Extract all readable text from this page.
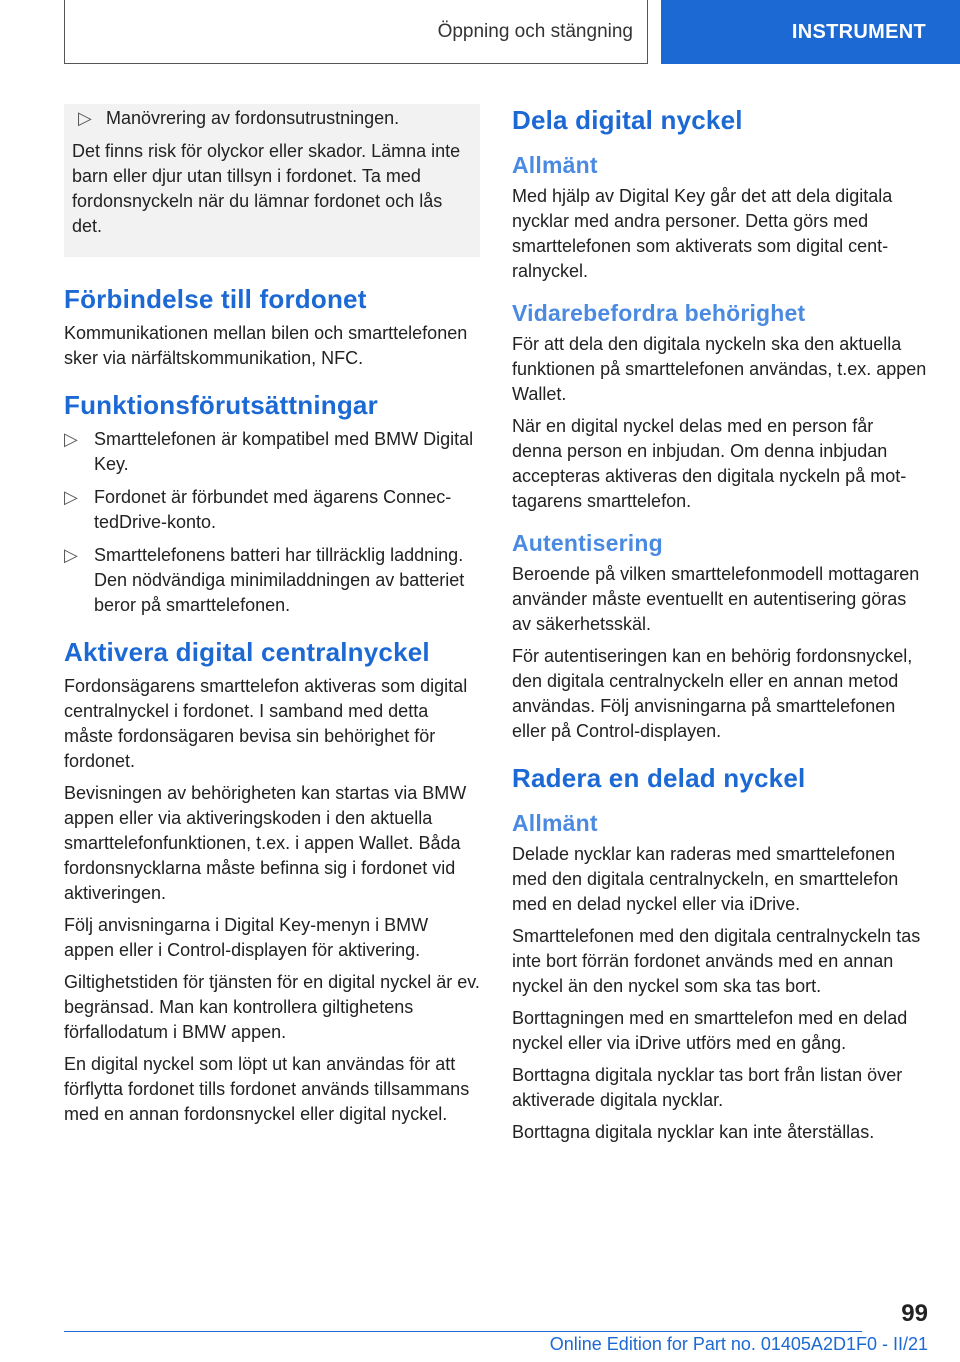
Öppning och stängning	INSTRUMENT
▷ Manövrering av fordonsutrustningen.

Det finns risk för olyckor eller skador. Lämna inte barn eller djur utan tillsyn i fordonet. Ta med fordonsnyckeln när du lämnar fordonet och lås det.

Förbindelse till fordonet

Kommunikationen mellan bilen och smarttelefonen sker via närfältskommunikation, NFC.

Funktionsförutsättningar
▷ Smarttelefonen är kompatibel med BMW Digital Key.
▷ Fordonet är förbundet med ägarens ConnectedDrive-konto.
▷ Smarttelefonens batteri har tillräcklig laddning. Den nödvändiga minimiladdningen av batteriet beror på smarttelefonen.
Aktivera digital centralnyckel

Fordonsägarens smarttelefon aktiveras som digital centralnyckel i fordonet. I samband med detta måste fordonsägaren bevisa sin behörighet för fordonet.

Bevisningen av behörigheten kan startas via BMW appen eller via aktiveringskoden i den aktuella smarttelefonfunktionen, t.ex. i appen Wallet. Båda fordonsnycklarna måste befinna sig i fordonet vid aktiveringen.

Följ anvisningarna i Digital Key-menyn i BMW appen eller i Control-displayen för aktivering.

Giltighetstiden för tjänsten för en digital nyckel är ev. begränsad. Man kan kontrollera giltighetens förfallodatum i BMW appen.

En digital nyckel som löpt ut kan användas för att förflytta fordonet tills fordonet används tillsammans med en annan fordonsnyckel eller digital nyckel.

Dela digital nyckel
Allmänt

Med hjälp av Digital Key går det att dela digitala nycklar med andra personer. Detta görs med smarttelefonen som aktiverats som digital centralnyckel.

Vidarebefordra behörighet

För att dela den digitala nyckeln ska den aktuella funktionen på smarttelefonen användas, t.ex. appen Wallet.

När en digital nyckel delas med en person får denna person en inbjudan. Om denna inbjudan accepteras aktiveras den digitala nyckeln på mottagarens smarttelefon.

Autentisering

Beroende på vilken smarttelefonmodell mottagaren använder måste eventuellt en autentisering göras av säkerhetsskäl.

För autentiseringen kan en behörig fordonsnyckel, den digitala centralnyckeln eller en annan metod användas. Följ anvisningarna på smarttelefonen eller på Control-displayen.

Radera en delad nyckel
Allmänt

Delade nycklar kan raderas med smarttelefonen med den digitala centralnyckeln, en smarttelefon med en delad nyckel eller via iDrive.

Smarttelefonen med den digitala centralnyckeln tas inte bort förrän fordonet används med en annan nyckel än den nyckel som ska tas bort.

Borttagningen med en smarttelefon med en delad nyckel eller via iDrive utförs med en gång.

Borttagna digitala nycklar tas bort från listan över aktiverade digitala nycklar.

Borttagna digitala nycklar kan inte återställas.

99
Online Edition for Part no. 01405A2D1F0 - II/21
